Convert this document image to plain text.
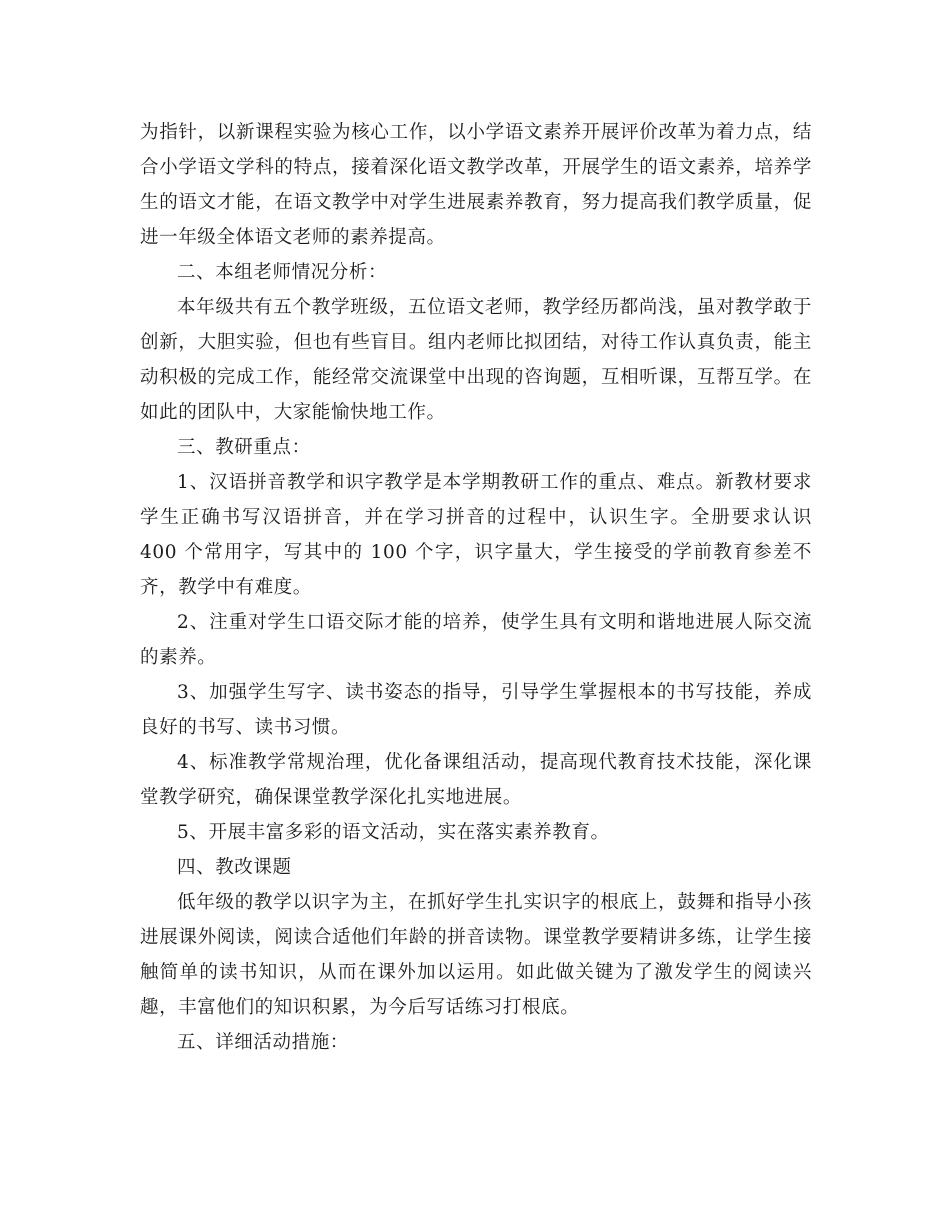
为指针，以新课程实验为核心工作，以小学语文素养开展评价改革为着力点，结合小学语文学科的特点，接着深化语文教学改革，开展学生的语文素养，培养学生的语文才能，在语文教学中对学生进展素养教育，努力提高我们教学质量，促进一年级全体语文老师的素养提高。

二、本组老师情况分析：

本年级共有五个教学班级，五位语文老师，教学经历都尚浅，虽对教学敢于创新，大胆实验，但也有些盲目。组内老师比拟团结，对待工作认真负责，能主动积极的完成工作，能经常交流课堂中出现的咨询题，互相听课，互帮互学。在如此的团队中，大家能愉快地工作。

三、教研重点：

1、汉语拼音教学和识字教学是本学期教研工作的重点、难点。新教材要求学生正确书写汉语拼音，并在学习拼音的过程中，认识生字。全册要求认识 400 个常用字，写其中的 100 个字，识字量大，学生接受的学前教育参差不齐，教学中有难度。

2、注重对学生口语交际才能的培养，使学生具有文明和谐地进展人际交流的素养。

3、加强学生写字、读书姿态的指导，引导学生掌握根本的书写技能，养成良好的书写、读书习惯。

4、标准教学常规治理，优化备课组活动，提高现代教育技术技能，深化课堂教学研究，确保课堂教学深化扎实地进展。

5、开展丰富多彩的语文活动，实在落实素养教育。

四、教改课题

低年级的教学以识字为主，在抓好学生扎实识字的根底上，鼓舞和指导小孩进展课外阅读，阅读合适他们年龄的拼音读物。课堂教学要精讲多练，让学生接触简单的读书知识，从而在课外加以运用。如此做关键为了激发学生的阅读兴趣，丰富他们的知识积累，为今后写话练习打根底。

五、详细活动措施：
